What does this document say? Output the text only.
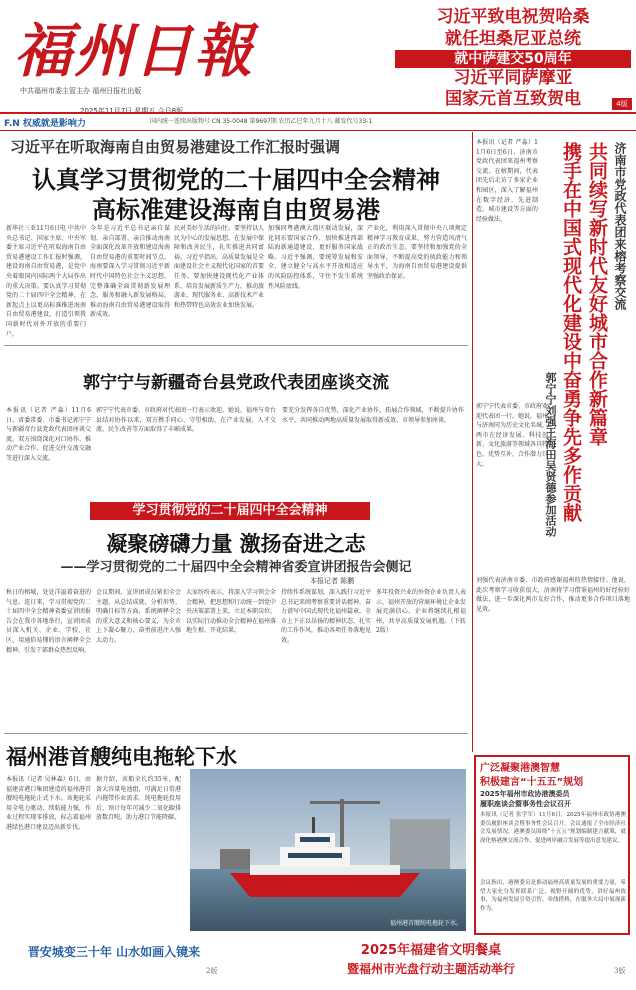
福州日報	习近平致电祝贺哈桑
就任坦桑尼亚总统
就中萨建交50周年
习近平同萨摩亚
国家元首互致贺电
中共福州市委主管主办 福州日报社出版
2025年11月7日 星期五 今日8版
4版
F.N 权威就是影响力	国内统一连续出版物号 CN 35-0048 第9697期 农历乙巳年九月十八 邮发代号33-1
习近平在听取海南自由贸易港建设工作汇报时强调
认真学习贯彻党的二十届四中全会精神
高标准建设海南自由贸易港
新华社三亚11月6日电 中共中央总书记、国家主席、中央军委主席习近平在听取海南自由贸易港建设工作汇报时强调，建设海南自由贸易港，是党中央着眼国内国际两个大局作出的重大决策。要认真学习贯彻党的二十届四中全会精神，在新起点上以更高标准推进海南自由贸易港建设，打造引领我国新时代对外开放的重要门户。
今年是习近平总书记亲自谋划、亲自部署、亲自推动海南全面深化改革开放和建设海南自由贸易港的重要时间节点。海南要深入学习贯彻习近平新时代中国特色社会主义思想，完整准确全面贯彻新发展理念，服务和融入新发展格局，推动海南自由贸易港建设取得新成效。
民对美好生活的向往。要坚持以人民为中心的发展思想，在发展中保障和改善民生，扎实推进共同富裕。习近平指出，高质量发展是全面建设社会主义现代化国家的首要任务。要加快建设现代化产业体系，培育发展新质生产力，推动旅游业、现代服务业、高新技术产业和热带特色高效农业加快发展。
加强同粤港澳大湾区联动发展，深化同东盟国家合作，加快推进西部陆海新通道建设，更好服务国家战略。习近平强调，要统筹发展和安全，建立健全与高水平开放相适应的风险防控体系，守住不发生系统性风险底线。
产业化，利用深入贯彻中央八项规定精神学习教育成果，努力营造风清气正的政治生态。要坚持和加强党的全面领导，不断提高党的执政能力和领导水平，为海南自由贸易港建设提供坚强政治保证。
郭宁宁与新疆奇台县党政代表团座谈交流
本报讯（记者 严淼）11月6日，省委常委、市委书记郭宁宁与新疆奇台县党政代表团座谈交流。双方围绕深化对口协作、推动产业合作、促进交往交流交融等进行深入交流。
郭宁宁代表市委、市政府对代表团一行表示欢迎。她说，福州与奇台县结对协作以来，双方携手同心、守望相助，在产业发展、人才交流、民生改善等方面取得了丰硕成果。
要充分发挥各自优势，深化产业协作，拓展合作领域，不断提升协作水平，共同推动两地高质量发展取得新成效。市领导参加座谈。
学习贯彻党的二十届四中全会精神
凝聚磅礴力量 激扬奋进之志
——学习贯彻党的二十届四中全会精神省委宣讲团报告会侧记
本报记者 陈鹏
秋日的榕城，处处洋溢着奋进的气息。连日来，学习贯彻党的二十届四中全会精神省委宣讲团报告会在我市各地举行，宣讲团成员深入机关、企业、学校、社区，用通俗易懂的语言阐释全会精神，引发干部群众热烈反响。
会议期间，宣讲团成员紧扣全会主题，从总结成就、分析形势、明确目标等方面，系统阐释全会的重大意义和核心要义，为全市上下凝心聚力、奋勇前进注入强大动力。
大家纷纷表示，将深入学习领会全会精神，把思想和行动统一到党中央决策部署上来，立足本职岗位，以实际行动推动全会精神在福州落地生根、开花结果。
持续作系统谋划，深入践行习近平总书记来闽考察重要讲话精神，奋力谱写中国式现代化福州篇章。全市上下正以昂扬的精神状态、扎实的工作作风，推动各项任务落地见效。
多年投资兴业的外资企业负责人表示，福州开放的营商环境让企业发展充满信心，企业将继续扎根福州，共享高质量发展机遇。（下转2版）
福州港首艘纯电拖轮下水
本报讯（记者 吴林森）6日，由福建省港口集团建造的福州港首艘纯电拖轮正式下水。该拖轮采用全电力驱动，续航能力强，作业过程实现零排放，标志着福州港绿色港口建设迈出新步伐。
据介绍，该船全长约35米，配备大容量电池组，可满足日常港内拖带作业需求。纯电拖轮投用后，预计每年可减少二氧化碳排放数百吨，助力港口节能降碳。
福州港首艘纯电拖轮下水。
本报讯（记者 严淼）11月6日至6日，济南市党政代表团来福州考察交流。在榕期间，代表团先后走访了多家企业和园区，深入了解福州在数字经济、先进制造、城市建设等方面的经验做法。
郭宁宁代表市委、市政府欢迎代表团一行。她说，福州与济南同为历史文化名城，两市在经济发展、科技创新、文化旅游等领域各具特色、优势互补，合作潜力巨大。
刘强代表济南市委、市政府感谢福州的热情接待。他说，此次考察学习收获很大，济南将学习借鉴福州的好经验好做法，进一步深化两市友好合作，推动更多合作项目落地见效。
郭宁宁刘强王海田吴贤德参加活动 携手在中国式现代化建设中奋勇争先多作贡献 共同续写新时代友好城市合作新篇章 济南市党政代表团来榕考察交流
广泛凝聚港澳智慧
积极建言“十五五”规划
2025年福州市政协港澳委员
履职座谈会暨事务性会议召开
本报讯（记者 张学军）11月6日，2025年福州市政协港澳委员履职座谈会暨事务性会议召开。会议通报了全市经济社会发展情况，港澳委员围绕“十五五”规划编制建言献策，就深化榕港澳交流合作、促进两岸融合发展等提出意见建议。
会议指出，港澳委员是推动福州高质量发展的重要力量，希望大家充分发挥联系广泛、视野开阔的优势，讲好福州故事，为福州发展引资引智、牵线搭桥，在服务大局中展现新作为。
晋安城变三十年 山水如画入镜来	2025年福建省文明餐桌
暨福州市光盘行动主题活动举行
2版	3版
